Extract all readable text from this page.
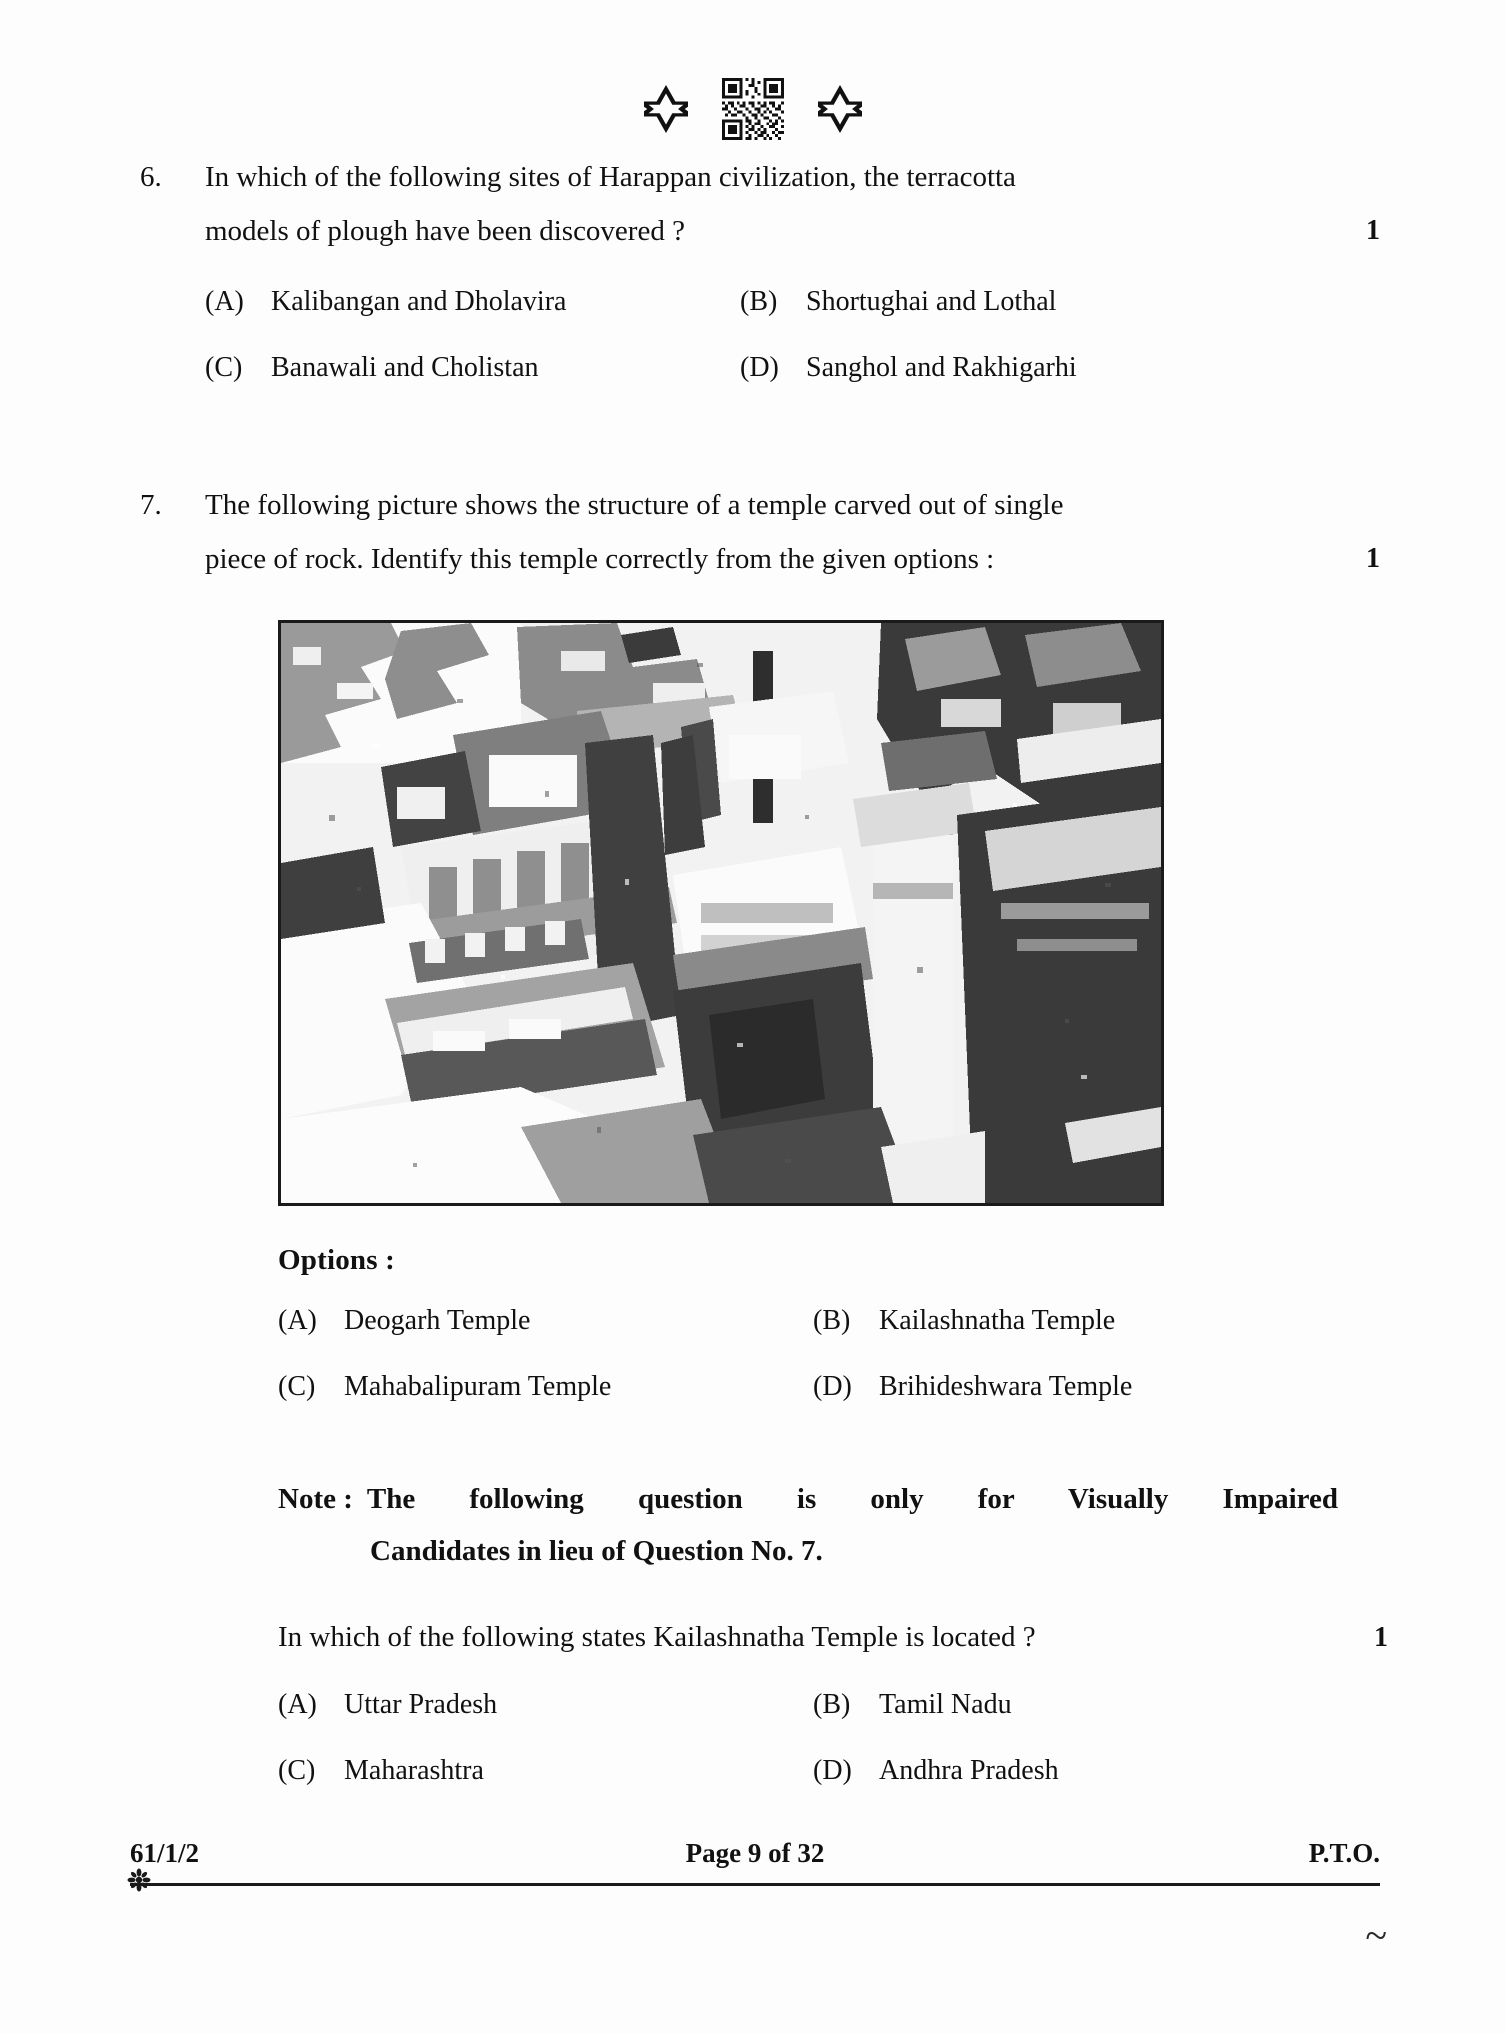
6.	In which of the following sites of Harappan civilization, the terracotta
models of plough have been discovered ?	1
(A) Kalibangan and Dholavira	(B)	Shortughai and Lothal
(C)	Banawali and Cholistan	(D) Sanghol and Rakhigarhi
7.	The following picture shows the structure of a temple carved out of single
piece of rock. Identify this temple correctly from the given options :	1
Options :
(A) Deogarh Temple	(B)	Kailashnatha Temple
(C)	Mahabalipuram Temple	(D) Brihideshwara Temple
Note : The following question is only for Visually Impaired
Candidates in lieu of Question No. 7.
In which of the following states Kailashnatha Temple is located ?	1
(A) Uttar Pradesh	(B)	Tamil Nadu
(C)	Maharashtra	(D) Andhra Pradesh
61/1/2	P.T.O.
Page 9 of 32
~
